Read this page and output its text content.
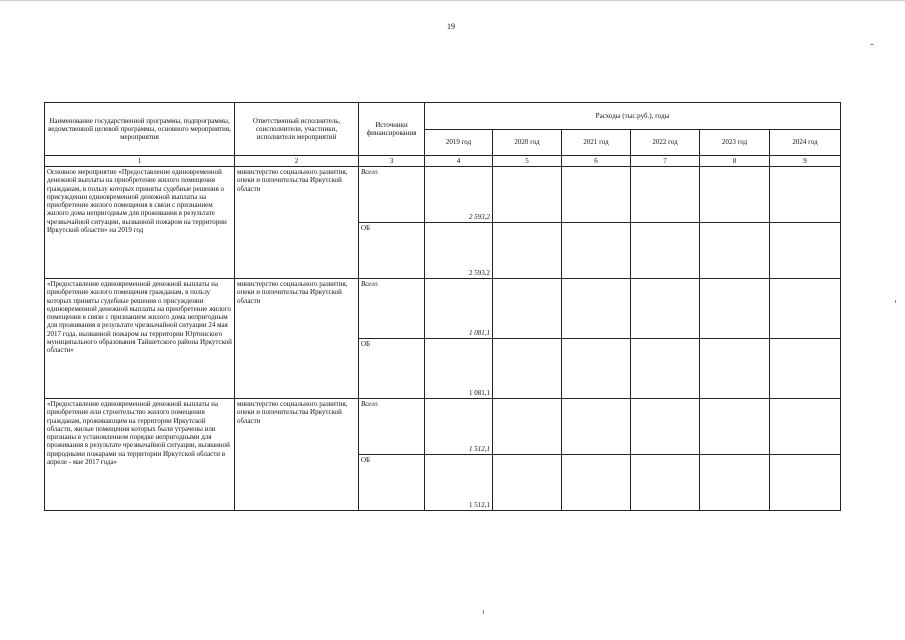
19
Наименование государственной программы, подпрограммы, ведомственной целевой программы, основного мероприятия, мероприятия	Ответственный исполнитель, соисполнители, участники, исполнители мероприятий	Источники финансирования	Расходы (тыс.руб.), годы					
			2019 год	2020 год	2021 год	2022 год	2023 год	2024 год
1	2	3	4	5	6	7	8	9
Основное мероприятие «Предоставление единовременной денежной выплаты на приобретение жилого помещения гражданам, в пользу которых приняты судебные решения о присуждении единовременной денежной выплаты на приобретение жилого помещения в связи с признанием жилого дома непригодным для проживания в результате чрезвычайной ситуации, вызванной пожаром на территории Иркутской области» на 2019 год	министерство социального развития, опеки и попечительства Иркутской области	Всего	2 593,2					
		ОБ	2 593,2					
«Предоставление единовременной денежной выплаты на приобретение жилого помещения гражданам, в пользу которых приняты судебные решения о присуждении единовременной денежной выплаты на приобретение жилого помещения в связи с признанием жилого дома непригодным для проживания в результате чрезвычайной ситуации 24 мая 2017 года, вызванной пожаром на территории Юртинского муниципального образования Тайшетского района Иркутской области»	министерство социального развития, опеки и попечительства Иркутской области	Всего	1 081,1					
		ОБ	1 081,1					
«Предоставление единовременной денежной выплаты на приобретение или строительство жилого помещения гражданам, проживающим на территории Иркутской области, жилые помещения которых были утрачены или признаны в установленном порядке непригодными для проживания в результате чрезвычайной ситуации, вызванной природными пожарами на территории Иркутской области в апреле - мае 2017 года»	министерство социального развития, опеки и попечительства Иркутской области	Всего	1 512,1					
		ОБ	1 512,1					
